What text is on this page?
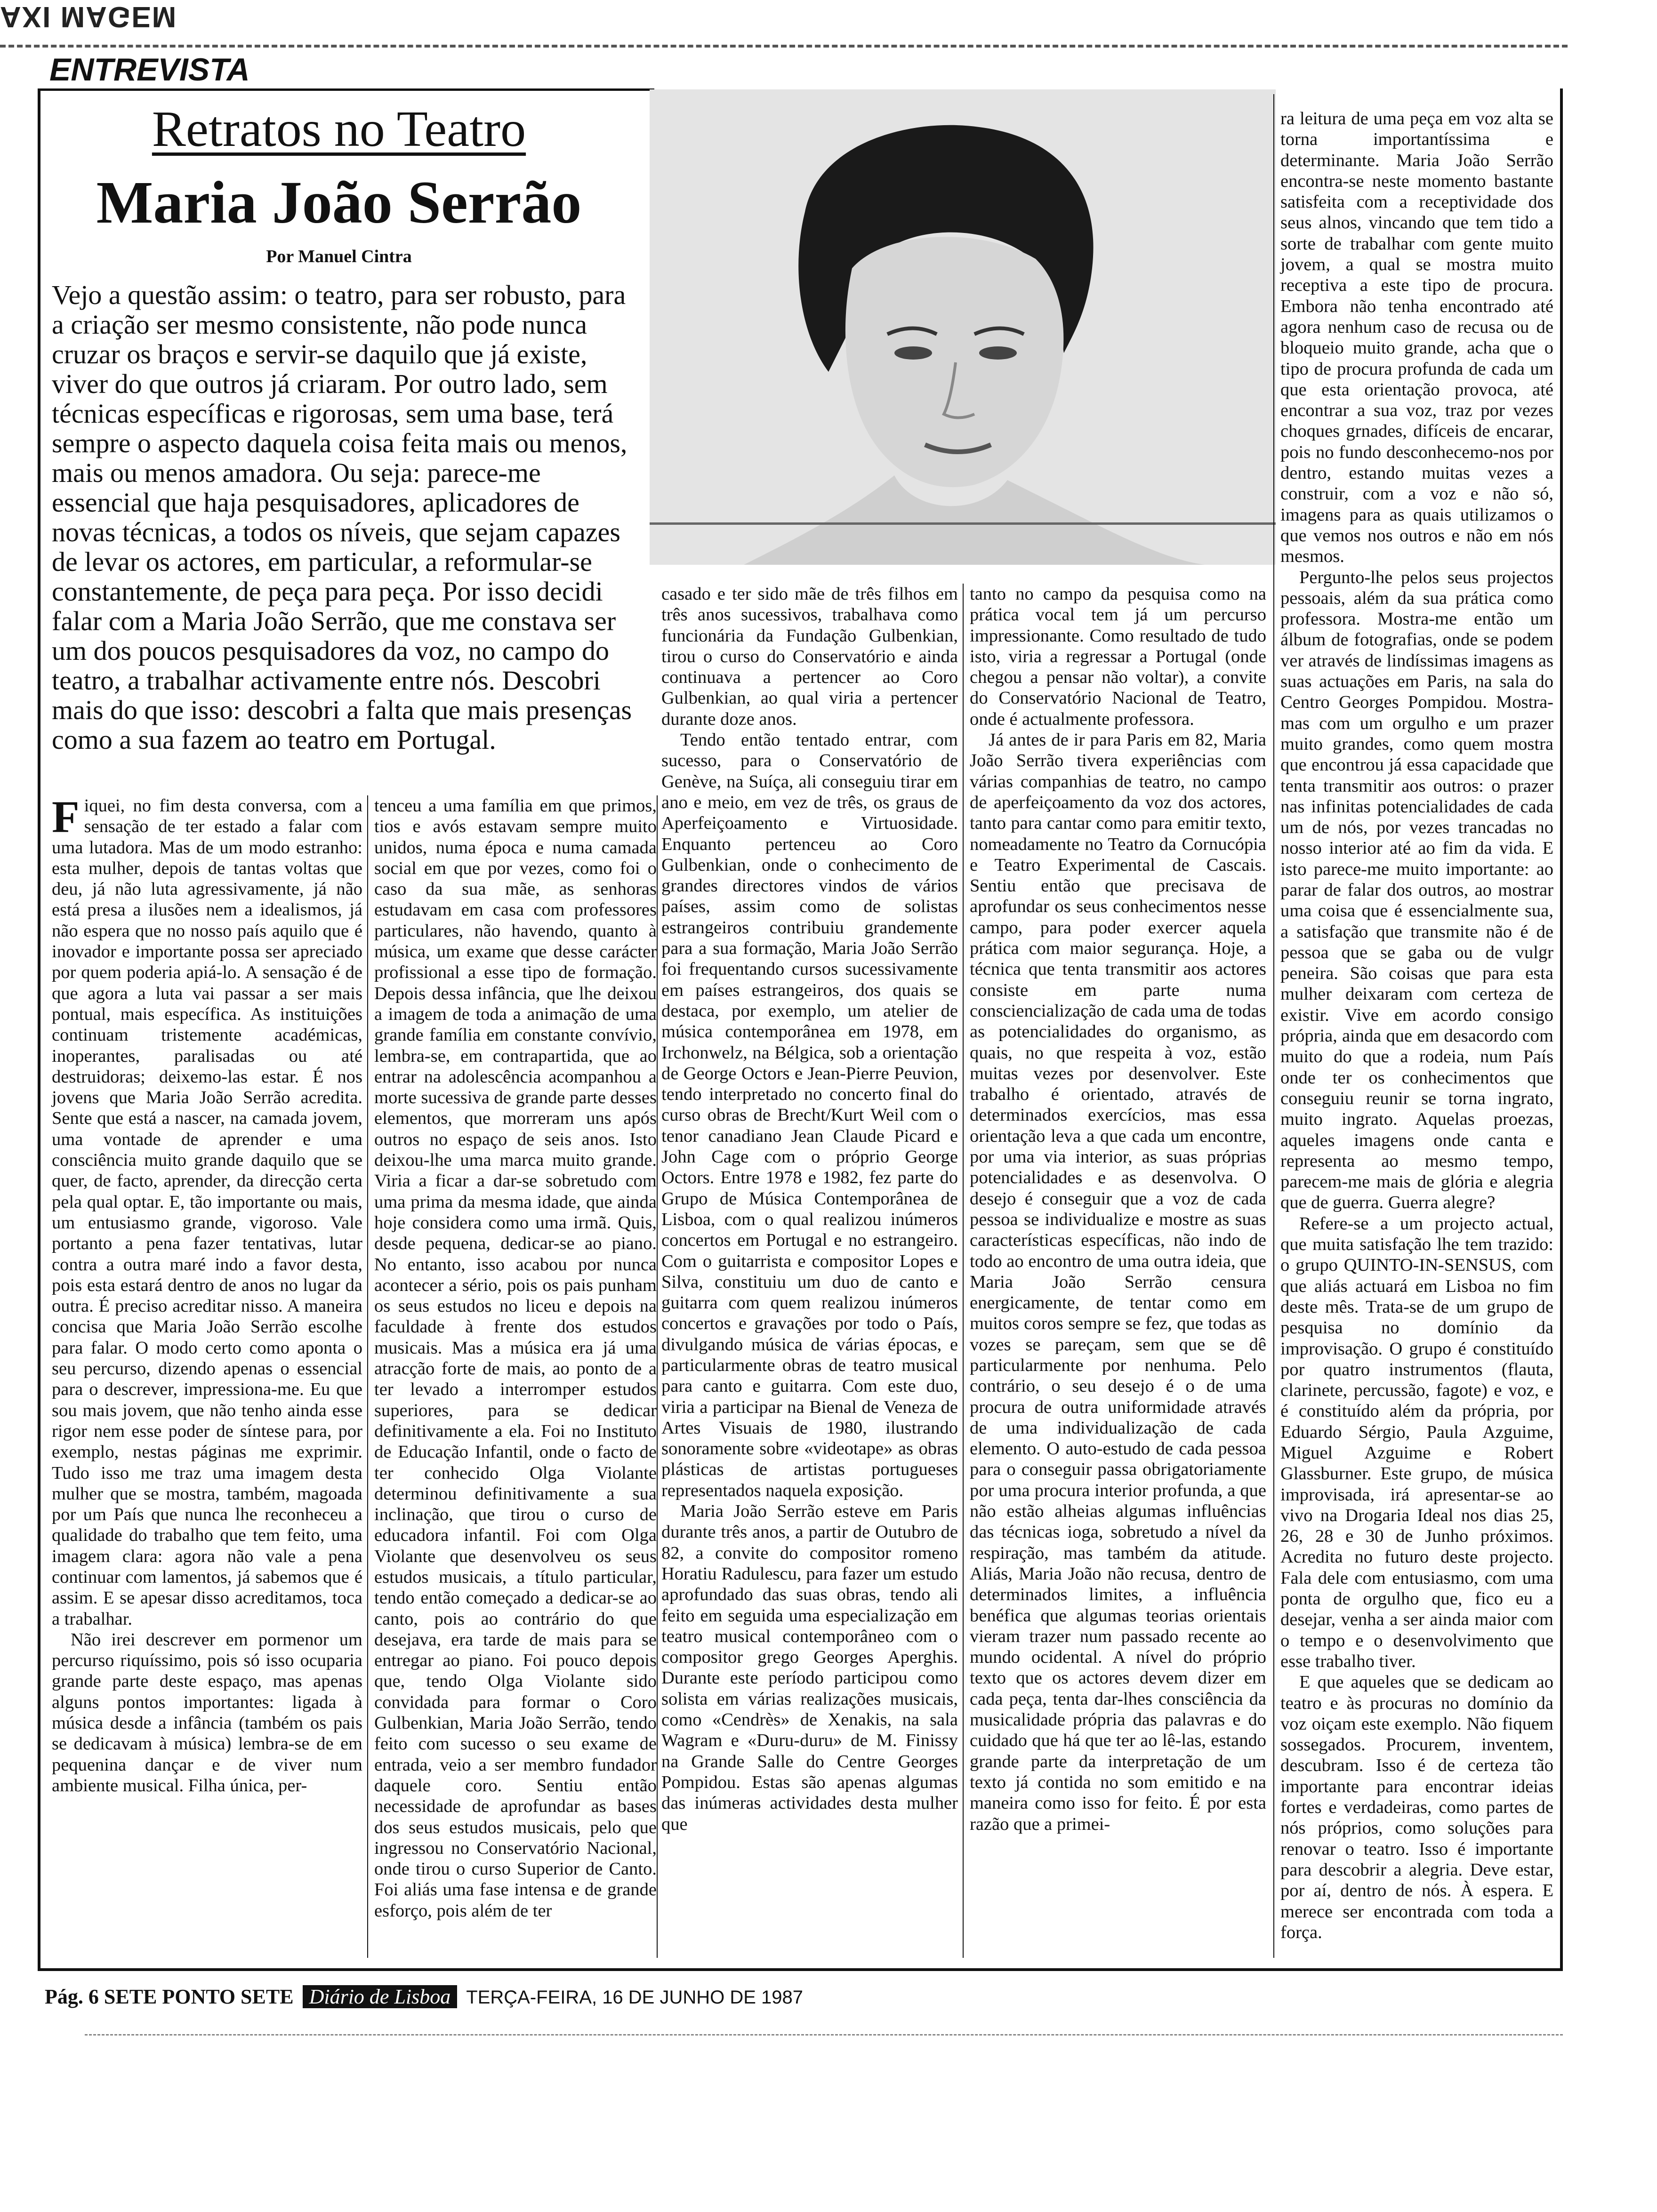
AXI MAGEM
ENTREVISTA
Retratos no Teatro
Maria João Serrão
Por Manuel Cintra

Vejo a questão assim: o teatro, para ser robusto, para a criação ser mesmo consistente, não pode nunca cruzar os braços e servir-se daquilo que já existe, viver do que outros já criaram. Por outro lado, sem técnicas específicas e rigorosas, sem uma base, terá sempre o aspecto daquela coisa feita mais ou menos, mais ou menos amadora. Ou seja: parece-me essencial que haja pesquisadores, aplicadores de novas técnicas, a todos os níveis, que sejam capazes de levar os actores, em particular, a reformular-se constantemente, de peça para peça. Por isso decidi falar com a Maria João Serrão, que me constava ser um dos poucos pesquisadores da voz, no campo do teatro, a trabalhar activamente entre nós. Descobri mais do que isso: descobri a falta que mais presenças como a sua fazem ao teatro em Portugal.

Fiquei, no fim desta conversa, com a sensação de ter estado a falar com uma lutadora. Mas de um modo estranho: esta mulher, depois de tantas voltas que deu, já não luta agressivamente, já não está presa a ilusões nem a idealismos, já não espera que no nosso país aquilo que é inovador e importante possa ser apreciado por quem poderia apiá-lo. A sensação é de que agora a luta vai passar a ser mais pontual, mais específica. As instituições continuam tristemente académicas, inoperantes, paralisadas ou até destruidoras; deixemo-las estar. É nos jovens que Maria João Serrão acredita. Sente que está a nascer, na camada jovem, uma vontade de aprender e uma consciência muito grande daquilo que se quer, de facto, aprender, da direcção certa pela qual optar. E, tão importante ou mais, um entusiasmo grande, vigoroso. Vale portanto a pena fazer tentativas, lutar contra a outra maré indo a favor desta, pois esta estará dentro de anos no lugar da outra. É preciso acreditar nisso. A maneira concisa que Maria João Serrão escolhe para falar. O modo certo como aponta o seu percurso, dizendo apenas o essencial para o descrever, impressiona-me. Eu que sou mais jovem, que não tenho ainda esse rigor nem esse poder de síntese para, por exemplo, nestas páginas me exprimir. Tudo isso me traz uma imagem desta mulher que se mostra, também, magoada por um País que nunca lhe reconheceu a qualidade do trabalho que tem feito, uma imagem clara: agora não vale a pena continuar com lamentos, já sabemos que é assim. E se apesar disso acreditamos, toca a trabalhar.

Não irei descrever em pormenor um percurso riquíssimo, pois só isso ocuparia grande parte deste espaço, mas apenas alguns pontos importantes: ligada à música desde a infância (também os pais se dedicavam à música) lembra-se de em pequenina dançar e de viver num ambiente musical. Filha única, per-

tenceu a uma família em que primos, tios e avós estavam sempre muito unidos, numa época e numa camada social em que por vezes, como foi o caso da sua mãe, as senhoras estudavam em casa com professores particulares, não havendo, quanto à música, um exame que desse carácter profissional a esse tipo de formação. Depois dessa infância, que lhe deixou a imagem de toda a animação de uma grande família em constante convívio, lembra-se, em contrapartida, que ao entrar na adolescência acompanhou a morte sucessiva de grande parte desses elementos, que morreram uns após outros no espaço de seis anos. Isto deixou-lhe uma marca muito grande. Viria a ficar a dar-se sobretudo com uma prima da mesma idade, que ainda hoje considera como uma irmã. Quis, desde pequena, dedicar-se ao piano. No entanto, isso acabou por nunca acontecer a sério, pois os pais punham os seus estudos no liceu e depois na faculdade à frente dos estudos musicais. Mas a música era já uma atracção forte de mais, ao ponto de a ter levado a interromper estudos superiores, para se dedicar definitivamente a ela. Foi no Instituto de Educação Infantil, onde o facto de ter conhecido Olga Violante determinou definitivamente a sua inclinação, que tirou o curso de educadora infantil. Foi com Olga Violante que desenvolveu os seus estudos musicais, a título particular, tendo então começado a dedicar-se ao canto, pois ao contrário do que desejava, era tarde de mais para se entregar ao piano. Foi pouco depois que, tendo Olga Violante sido convidada para formar o Coro Gulbenkian, Maria João Serrão, tendo feito com sucesso o seu exame de entrada, veio a ser membro fundador daquele coro. Sentiu então necessidade de aprofundar as bases dos seus estudos musicais, pelo que ingressou no Conservatório Nacional, onde tirou o curso Superior de Canto. Foi aliás uma fase intensa e de grande esforço, pois além de ter

casado e ter sido mãe de três filhos em três anos sucessivos, trabalhava como funcionária da Fundação Gulbenkian, tirou o curso do Conservatório e ainda continuava a pertencer ao Coro Gulbenkian, ao qual viria a pertencer durante doze anos.

Tendo então tentado entrar, com sucesso, para o Conservatório de Genève, na Suíça, ali conseguiu tirar em ano e meio, em vez de três, os graus de Aperfeiçoamento e Virtuosidade. Enquanto pertenceu ao Coro Gulbenkian, onde o conhecimento de grandes directores vindos de vários países, assim como de solistas estrangeiros contribuiu grandemente para a sua formação, Maria João Serrão foi frequentando cursos sucessivamente em países estrangeiros, dos quais se destaca, por exemplo, um atelier de música contemporânea em 1978, em Irchonwelz, na Bélgica, sob a orientação de George Octors e Jean-Pierre Peuvion, tendo interpretado no concerto final do curso obras de Brecht/Kurt Weil com o tenor canadiano Jean Claude Picard e John Cage com o próprio George Octors. Entre 1978 e 1982, fez parte do Grupo de Música Contemporânea de Lisboa, com o qual realizou inúmeros concertos em Portugal e no estrangeiro. Com o guitarrista e compositor Lopes e Silva, constituiu um duo de canto e guitarra com quem realizou inúmeros concertos e gravações por todo o País, divulgando música de várias épocas, e particularmente obras de teatro musical para canto e guitarra. Com este duo, viria a participar na Bienal de Veneza de Artes Visuais de 1980, ilustrando sonoramente sobre «videotape» as obras plásticas de artistas portugueses representados naquela exposição.

Maria João Serrão esteve em Paris durante três anos, a partir de Outubro de 82, a convite do compositor romeno Horatiu Radulescu, para fazer um estudo aprofundado das suas obras, tendo ali feito em seguida uma especialização em teatro musical contemporâneo com o compositor grego Georges Aperghis. Durante este período participou como solista em várias realizações musicais, como «Cendrès» de Xenakis, na sala Wagram e «Duru-duru» de M. Finissy na Grande Salle do Centre Georges Pompidou. Estas são apenas algumas das inúmeras actividades desta mulher que

tanto no campo da pesquisa como na prática vocal tem já um percurso impressionante. Como resultado de tudo isto, viria a regressar a Portugal (onde chegou a pensar não voltar), a convite do Conservatório Nacional de Teatro, onde é actualmente professora.

Já antes de ir para Paris em 82, Maria João Serrão tivera experiências com várias companhias de teatro, no campo de aperfeiçoamento da voz dos actores, tanto para cantar como para emitir texto, nomeadamente no Teatro da Cornucópia e Teatro Experimental de Cascais. Sentiu então que precisava de aprofundar os seus conhecimentos nesse campo, para poder exercer aquela prática com maior segurança. Hoje, a técnica que tenta transmitir aos actores consiste em parte numa consciencialização de cada uma de todas as potencialidades do organismo, as quais, no que respeita à voz, estão muitas vezes por desenvolver. Este trabalho é orientado, através de determinados exercícios, mas essa orientação leva a que cada um encontre, por uma via interior, as suas próprias potencialidades e as desenvolva. O desejo é conseguir que a voz de cada pessoa se individualize e mostre as suas características específicas, não indo de todo ao encontro de uma outra ideia, que Maria João Serrão censura energicamente, de tentar como em muitos coros sempre se fez, que todas as vozes se pareçam, sem que se dê particularmente por nenhuma. Pelo contrário, o seu desejo é o de uma procura de outra uniformidade através de uma individualização de cada elemento. O auto-estudo de cada pessoa para o conseguir passa obrigatoriamente por uma procura interior profunda, a que não estão alheias algumas influências das técnicas ioga, sobretudo a nível da respiração, mas também da atitude. Aliás, Maria João não recusa, dentro de determinados limites, a influência benéfica que algumas teorias orientais vieram trazer num passado recente ao mundo ocidental. A nível do próprio texto que os actores devem dizer em cada peça, tenta dar-lhes consciência da musicalidade própria das palavras e do cuidado que há que ter ao lê-las, estando grande parte da interpretação de um texto já contida no som emitido e na maneira como isso for feito. É por esta razão que a primei-

ra leitura de uma peça em voz alta se torna importantíssima e determinante. Maria João Serrão encontra-se neste momento bastante satisfeita com a receptividade dos seus alnos, vincando que tem tido a sorte de trabalhar com gente muito jovem, a qual se mostra muito receptiva a este tipo de procura. Embora não tenha encontrado até agora nenhum caso de recusa ou de bloqueio muito grande, acha que o tipo de procura profunda de cada um que esta orientação provoca, até encontrar a sua voz, traz por vezes choques grnades, difíceis de encarar, pois no fundo desconhecemo-nos por dentro, estando muitas vezes a construir, com a voz e não só, imagens para as quais utilizamos o que vemos nos outros e não em nós mesmos.

Pergunto-lhe pelos seus projectos pessoais, além da sua prática como professora. Mostra-me então um álbum de fotografias, onde se podem ver através de lindíssimas imagens as suas actuações em Paris, na sala do Centro Georges Pompidou. Mostra-mas com um orgulho e um prazer muito grandes, como quem mostra que encontrou já essa capacidade que tenta transmitir aos outros: o prazer nas infinitas potencialidades de cada um de nós, por vezes trancadas no nosso interior até ao fim da vida. E isto parece-me muito importante: ao parar de falar dos outros, ao mostrar uma coisa que é essencialmente sua, a satisfação que transmite não é de pessoa que se gaba ou de vulgr peneira. São coisas que para esta mulher deixaram com certeza de existir. Vive em acordo consigo própria, ainda que em desacordo com muito do que a rodeia, num País onde ter os conhecimentos que conseguiu reunir se torna ingrato, muito ingrato. Aquelas proezas, aqueles imagens onde canta e representa ao mesmo tempo, parecem-me mais de glória e alegria que de guerra. Guerra alegre?

Refere-se a um projecto actual, que muita satisfação lhe tem trazido: o grupo QUINTO-IN-SENSUS, com que aliás actuará em Lisboa no fim deste mês. Trata-se de um grupo de pesquisa no domínio da improvisação. O grupo é constituído por quatro instrumentos (flauta, clarinete, percussão, fagote) e voz, e é constituído além da própria, por Eduardo Sérgio, Paula Azguime, Miguel Azguime e Robert Glassburner. Este grupo, de música improvisada, irá apresentar-se ao vivo na Drogaria Ideal nos dias 25, 26, 28 e 30 de Junho próximos. Acredita no futuro deste projecto. Fala dele com entusiasmo, com uma ponta de orgulho que, fico eu a desejar, venha a ser ainda maior com o tempo e o desenvolvimento que esse trabalho tiver.

E que aqueles que se dedicam ao teatro e às procuras no domínio da voz oiçam este exemplo. Não fiquem sossegados. Procurem, inventem, descubram. Isso é de certeza tão importante para encontrar ideias fortes e verdadeiras, como partes de nós próprios, como soluções para renovar o teatro. Isso é importante para descobrir a alegria. Deve estar, por aí, dentro de nós. À espera. E merece ser encontrada com toda a força.

Pág. 6 SETE PONTO SETE Diário de Lisboa TERÇA-FEIRA, 16 DE JUNHO DE 1987
